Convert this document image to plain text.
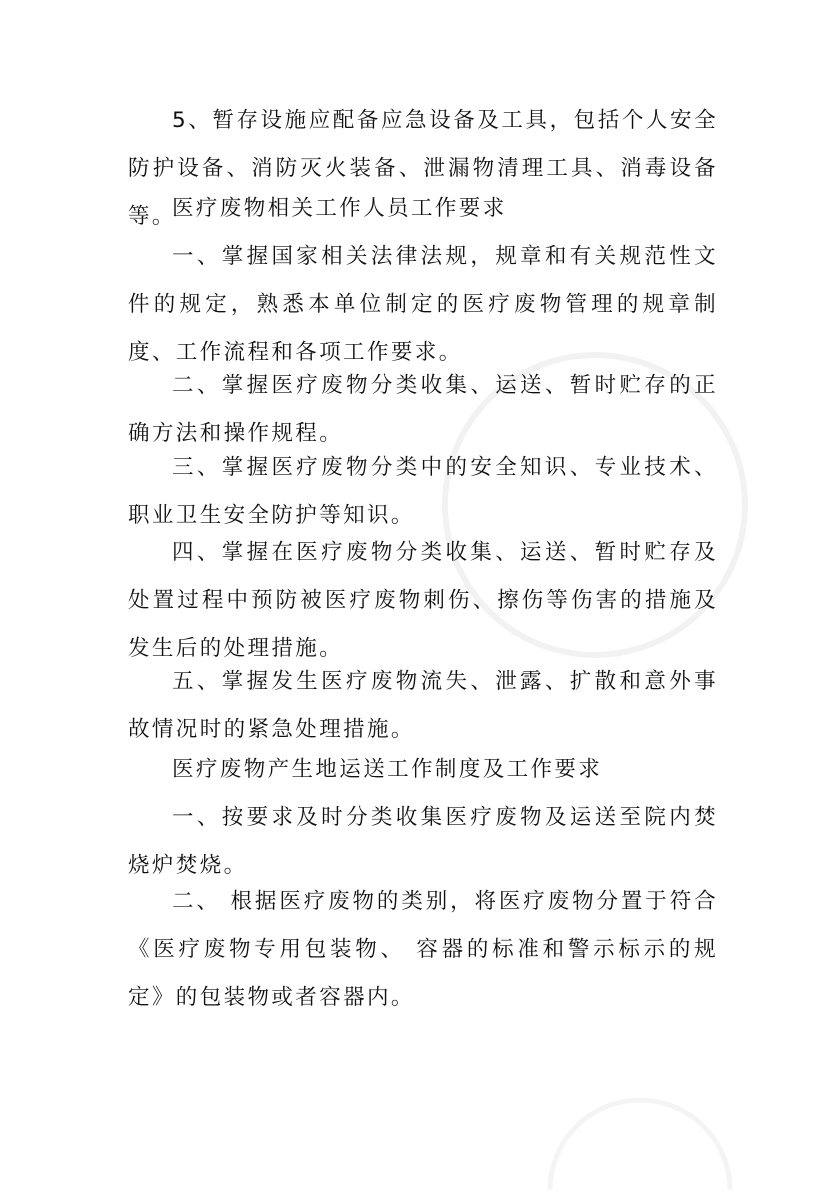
5、暂存设施应配备应急设备及工具，包括个人安全防护设备、消防灭火装备、泄漏物清理工具、消毒设备等。
医疗废物相关工作人员工作要求
一、掌握国家相关法律法规，规章和有关规范性文件的规定，熟悉本单位制定的医疗废物管理的规章制度、工作流程和各项工作要求。
二、掌握医疗废物分类收集、运送、暂时贮存的正确方法和操作规程。
三、掌握医疗废物分类中的安全知识、专业技术、职业卫生安全防护等知识。
四、掌握在医疗废物分类收集、运送、暂时贮存及处置过程中预防被医疗废物刺伤、擦伤等伤害的措施及发生后的处理措施。
五、掌握发生医疗废物流失、泄露、扩散和意外事故情况时的紧急处理措施。
医疗废物产生地运送工作制度及工作要求
一、按要求及时分类收集医疗废物及运送至院内焚烧炉焚烧。
二、 根据医疗废物的类别，将医疗废物分置于符合《医疗废物专用包装物、 容器的标准和警示标示的规定》的包装物或者容器内。
